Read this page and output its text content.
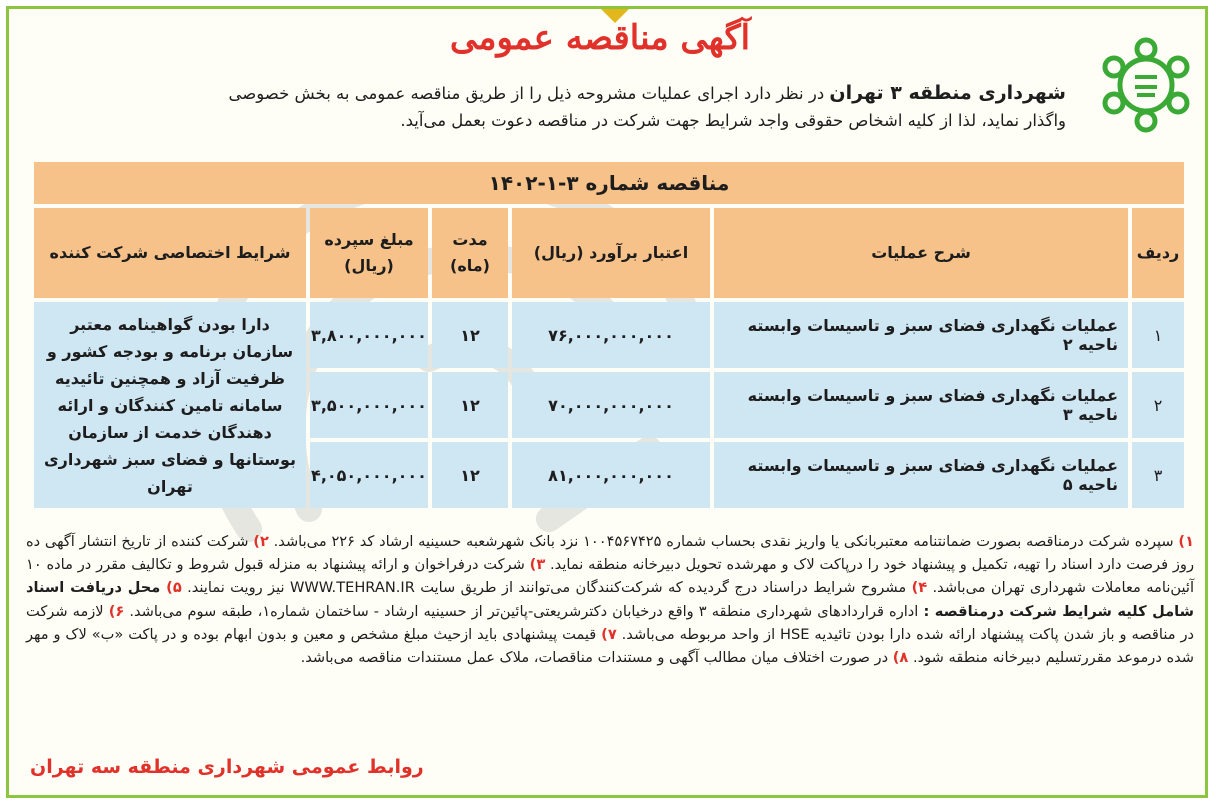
آگهی مناقصه عمومی
شهرداری منطقه ۳ تهران در نظر دارد اجرای عملیات مشروحه ذیل را از طریق مناقصه عمومی به بخش خصوصی
واگذار نماید، لذا از کلیه اشخاص حقوقی واجد شرایط جهت شرکت در مناقصه دعوت بعمل می‌آید.
مناقصه شماره ۳-۱-۱۴۰۲					
ردیف	شرح عملیات	اعتبار برآورد (ریال)	مدت (ماه)	مبلغ سپرده (ریال)	شرایط اختصاصی شرکت کننده
۱	عملیات نگهداری فضای سبز و تاسیسات وابسته ناحیه ۲	۷۶,۰۰۰,۰۰۰,۰۰۰	۱۲	۳,۸۰۰,۰۰۰,۰۰۰	دارا بودن گواهینامه معتبر سازمان برنامه و بودجه کشور و ظرفیت آزاد و همچنین تائیدیه سامانه تامین کنندگان و ارائه دهندگان خدمت از سازمان بوستانها و فضای سبز شهرداری تهران
۲	عملیات نگهداری فضای سبز و تاسیسات وابسته ناحیه ۳	۷۰,۰۰۰,۰۰۰,۰۰۰	۱۲	۳,۵۰۰,۰۰۰,۰۰۰	
۳	عملیات نگهداری فضای سبز و تاسیسات وابسته ناحیه ۵	۸۱,۰۰۰,۰۰۰,۰۰۰	۱۲	۴,۰۵۰,۰۰۰,۰۰۰	
۱) سپرده شرکت درمناقصه بصورت ضمانتنامه معتبربانکی یا واریز نقدی بحساب شماره ۱۰۰۴۵۶۷۴۲۵ نزد بانک شهرشعبه حسینیه ارشاد کد ۲۲۶ می‌باشد. ۲) شرکت کننده از تاریخ انتشار آگهی ده روز فرصت دارد اسناد را تهیه، تکمیل و پیشنهاد خود را درپاکت لاک و مهرشده تحویل دبیرخانه منطقه نماید. ۳) شرکت درفراخوان و ارائه پیشنهاد به منزله قبول شروط و تکالیف مقرر در ماده ۱۰ آئین‌نامه معاملات شهرداری تهران می‌باشد. ۴) مشروح شرایط دراسناد درج گردیده که شرکت‌کنندگان می‌توانند از طریق سایت WWW.TEHRAN.IR نیز رویت نمایند. ۵) محل دریافت اسناد شامل کلیه شرایط شرکت درمناقصه : اداره قراردادهای شهرداری منطقه ۳ واقع درخیابان دکترشریعتی-پائین‌تر از حسینیه ارشاد - ساختمان شماره۱، طبقه سوم می‌باشد. ۶) لازمه شرکت در مناقصه و باز شدن پاکت پیشنهاد ارائه شده دارا بودن تائیدیه HSE از واحد مربوطه می‌باشد. ۷) قیمت پیشنهادی باید ازحیث مبلغ مشخص و معین و بدون ابهام بوده و در پاکت «ب» لاک و مهر شده درموعد مقررتسلیم دبیرخانه منطقه شود. ۸) در صورت اختلاف میان مطالب آگهی و مستندات مناقصات، ملاک عمل مستندات مناقصه می‌باشد.
روابط عمومی شهرداری منطقه سه تهران
